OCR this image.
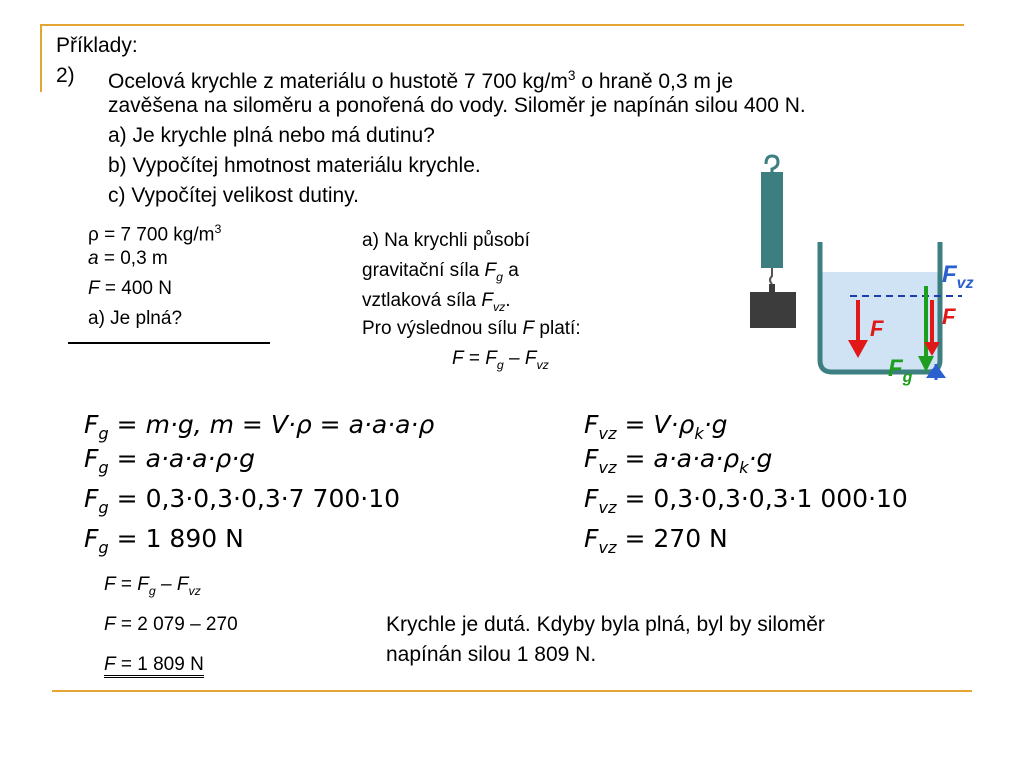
Příklady:
2) Ocelová krychle z materiálu o hustotě 7 700 $kg/m^3$ o hraně 0,3 m je
zavěšena na siloměru a ponořená do vody. Siloměr je napínán silou 400 N.
a) Je krychle plná nebo má dutinu?
b) Vypočítej hmotnost materiálu krychle.
c) Vypočítej velikost dutiny.
ρ = 7 700 $kg/m^3$
a = 0,3 m
F = 400 N
a) Je plná?
a) Na krychli působí
gravitační síla $F_g$ a
vztlaková síla $F_{vz}$.
Pro výslednou sílu F platí:
$F = F_g - F_{vz}$
$F_{vz}$
F	F
$F_g$
$F_g = m\cdot g$, m = V·ρ = a·a·a·ρ
$F_g = a\cdot a\cdot a\cdot\rho\cdot g$
$F_g = 0,3\cdot 0,3\cdot 0,3\cdot 7$ 700·10
$F_g = 1$ 890 N
$F_{vz} = V\cdot\rho_k\cdot g$
$F_{vz} = a\cdot a\cdot a\cdot\rho_k\cdot g$
$F_{vz} = 0,3\cdot 0,3\cdot 0,3\cdot 1$ 000·10
$F_{vz} = 270$ N
$F = F_g - F_{vz}$
F = 2 079 – 270
F = 1 809 N
Krychle je dutá. Kdyby byla plná, byl by siloměr
napínán silou 1 809 N.
